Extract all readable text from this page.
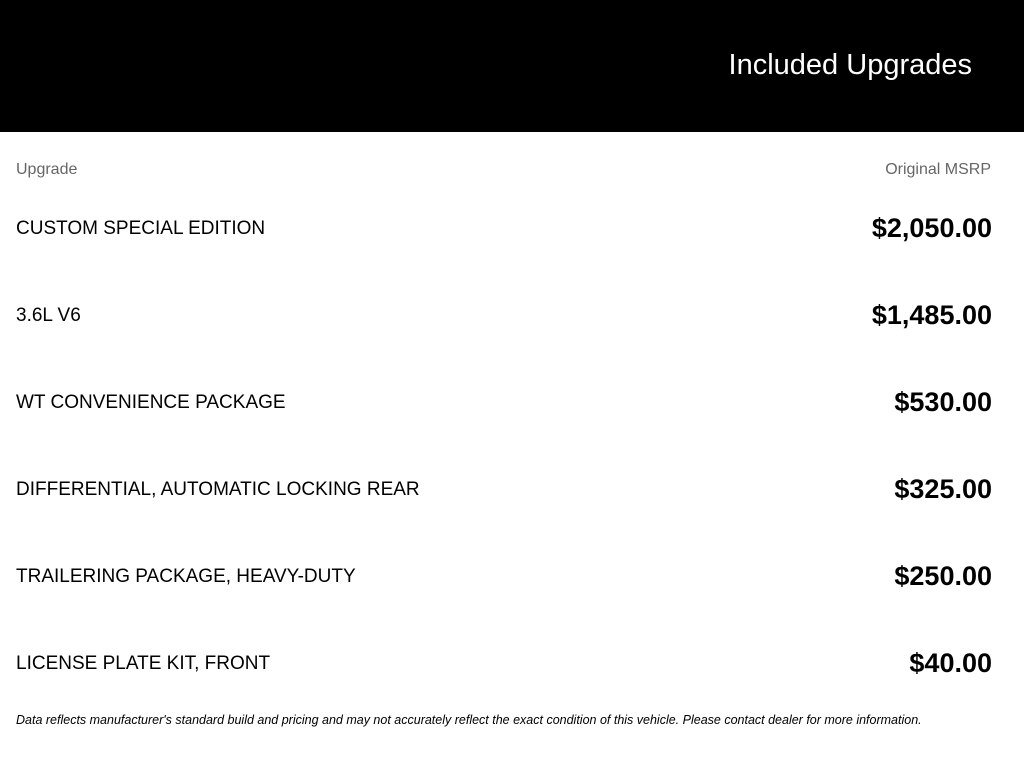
Included Upgrades
Upgrade	Original MSRP
CUSTOM SPECIAL EDITION	$2,050.00
3.6L V6	$1,485.00
WT CONVENIENCE PACKAGE	$530.00
DIFFERENTIAL, AUTOMATIC LOCKING REAR	$325.00
TRAILERING PACKAGE, HEAVY-DUTY	$250.00
LICENSE PLATE KIT, FRONT	$40.00
Data reflects manufacturer's standard build and pricing and may not accurately reflect the exact condition of this vehicle. Please contact dealer for more information.
